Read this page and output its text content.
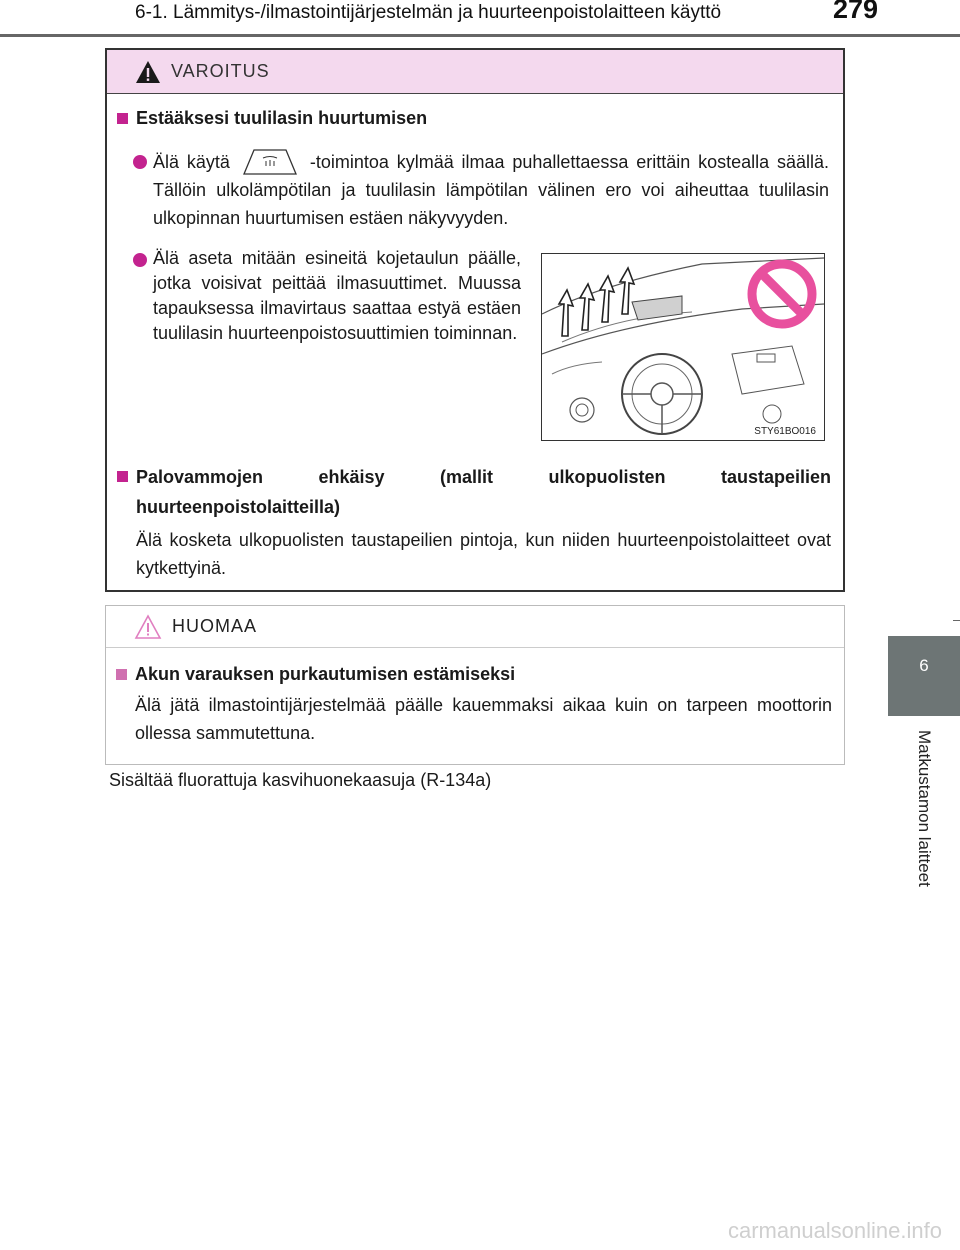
6-1. Lämmitys-/ilmastointijärjestelmän ja huurteenpoistolaitteen käyttö	279
6
Matkustamon laitteet
VAROITUS
Estääksesi tuulilasin huurtumisen
Älä käytä	-toimintoa kylmää ilmaa puhallettaessa erittäin kostealla säällä. Tällöin ulkolämpötilan ja tuulilasin lämpötilan välinen ero voi aiheuttaa tuulilasin ulkopinnan huurtumisen estäen näkyvyyden.
Älä aseta mitään esineitä kojetaulun päälle, jotka voisivat peittää ilmasuuttimet. Muussa tapauksessa ilmavirtaus saattaa estyä estäen tuulilasin huurteenpoistosuuttimien toiminnan.
STY61BO016
Palovammojen ehkäisy (mallit ulkopuolisten taustapeilien huurteenpoistolaitteilla)
Älä kosketa ulkopuolisten taustapeilien pintoja, kun niiden huurteenpoistolaitteet ovat kytkettyinä.
HUOMAA
Akun varauksen purkautumisen estämiseksi
Älä jätä ilmastointijärjestelmää päälle kauemmaksi aikaa kuin on tarpeen moottorin ollessa sammutettuna.
Sisältää fluorattuja kasvihuonekaasuja (R-134a)
carmanualsonline.info
